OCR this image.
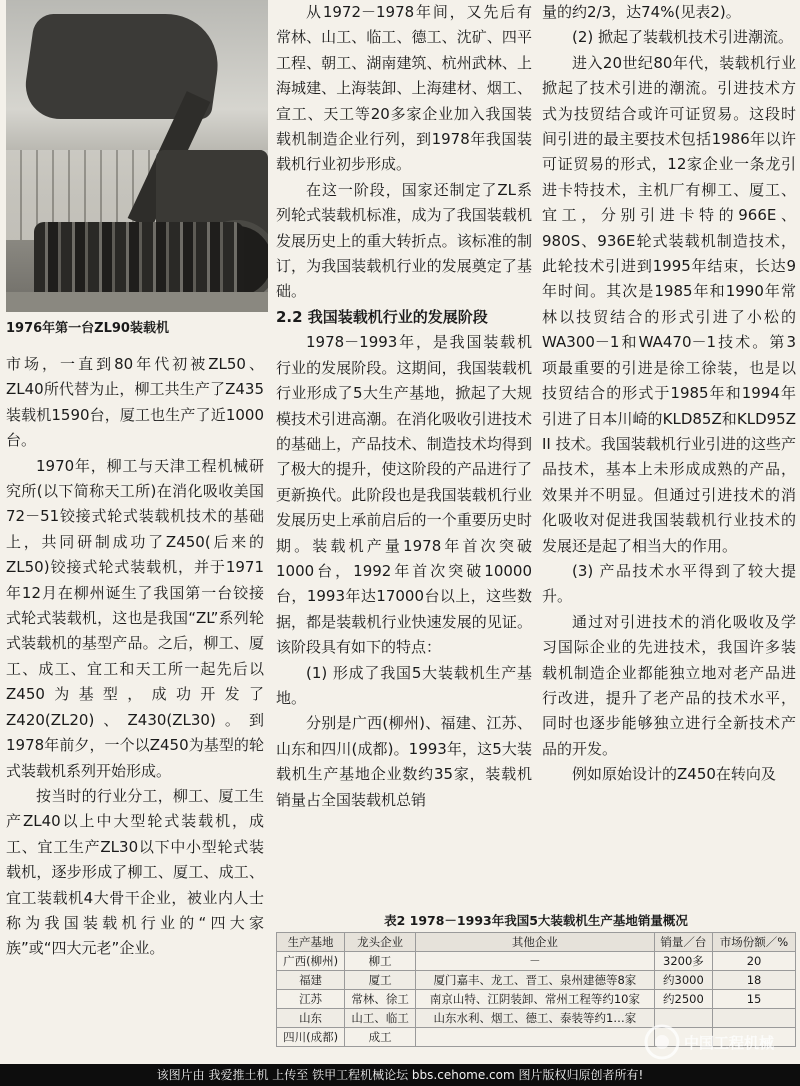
1976年第一台ZL90装载机

市场，一直到80年代初被ZL50、ZL40所代替为止，柳工共生产了Z435装载机1590台，厦工也生产了近1000台。

1970年，柳工与天津工程机械研究所(以下简称天工所)在消化吸收美国72－51铰接式轮式装载机技术的基础上，共同研制成功了Z450(后来的ZL50)铰接式轮式装载机，并于1971年12月在柳州诞生了我国第一台铰接式轮式装载机，这也是我国“ZL”系列轮式装载机的基型产品。之后，柳工、厦工、成工、宜工和天工所一起先后以Z450为基型，成功开发了Z420(ZL20)、Z430(ZL30)。到1978年前夕，一个以Z450为基型的轮式装载机系列开始形成。

按当时的行业分工，柳工、厦工生产ZL40以上中大型轮式装载机，成工、宜工生产ZL30以下中小型轮式装载机，逐步形成了柳工、厦工、成工、宜工装载机4大骨干企业，被业内人士称为我国装载机行业的“四大家族”或“四大元老”企业。

从1972－1978年间，又先后有常林、山工、临工、德工、沈矿、四平工程、朝工、湖南建筑、杭州武林、上海城建、上海装卸、上海建材、烟工、宣工、天工等20多家企业加入我国装载机制造企业行列，到1978年我国装载机行业初步形成。

在这一阶段，国家还制定了ZL系列轮式装载机标准，成为了我国装载机发展历史上的重大转折点。该标准的制订，为我国装载机行业的发展奠定了基础。

2.2 我国装载机行业的发展阶段

1978－1993年，是我国装载机行业的发展阶段。这期间，我国装载机行业形成了5大生产基地，掀起了大规模技术引进高潮。在消化吸收引进技术的基础上，产品技术、制造技术均得到了极大的提升，使这阶段的产品进行了更新换代。此阶段也是我国装载机行业发展历史上承前启后的一个重要历史时期。装载机产量1978年首次突破1000台，1992年首次突破10000台，1993年达17000台以上，这些数据，都是装载机行业快速发展的见证。该阶段具有如下的特点：

(1) 形成了我国5大装载机生产基地。

分别是广西(柳州)、福建、江苏、山东和四川(成都)。1993年，这5大装载机生产基地企业数约35家，装载机销量占全国装载机总销

量的约2/3，达74%(见表2)。

(2) 掀起了装载机技术引进潮流。

进入20世纪80年代，装载机行业掀起了技术引进的潮流。引进技术方式为技贸结合或许可证贸易。这段时间引进的最主要技术包括1986年以许可证贸易的形式，12家企业一条龙引进卡特技术，主机厂有柳工、厦工、宜工，分别引进卡特的966E、980S、936E轮式装载机制造技术，此轮技术引进到1995年结束，长达9年时间。其次是1985年和1990年常林以技贸结合的形式引进了小松的WA300－1和WA470－1技术。第3项最重要的引进是徐工徐装，也是以技贸结合的形式于1985年和1994年引进了日本川崎的KLD85Z和KLD95Z II 技术。我国装载机行业引进的这些产品技术，基本上未形成成熟的产品，效果并不明显。但通过引进技术的消化吸收对促进我国装载机行业技术的发展还是起了相当大的作用。

(3) 产品技术水平得到了较大提升。

通过对引进技术的消化吸收及学习国际企业的先进技术，我国许多装载机制造企业都能独立地对老产品进行改进，提升了老产品的技术水平，同时也逐步能够独立进行全新技术产品的开发。

例如原始设计的Z450在转向及

表2 1978－1993年我国5大装载机生产基地销量概况
生产基地	龙头企业	其他企业	销量／台	市场份额／%
广西(柳州)	柳工	－	3200多	20
福建	厦工	厦门嘉丰、龙工、晋工、泉州建德等8家	约3000	18
江苏	常林、徐工	南京山特、江阴装卸、常州工程等约10家	约2500	15
山东	山工、临工	山东水利、烟工、德工、泰装等约1…家		
四川(成都)	成工				中国工程机械
该图片由 我爱推土机 上传至 铁甲工程机械论坛 bbs.cehome.com 图片版权归原创者所有!
